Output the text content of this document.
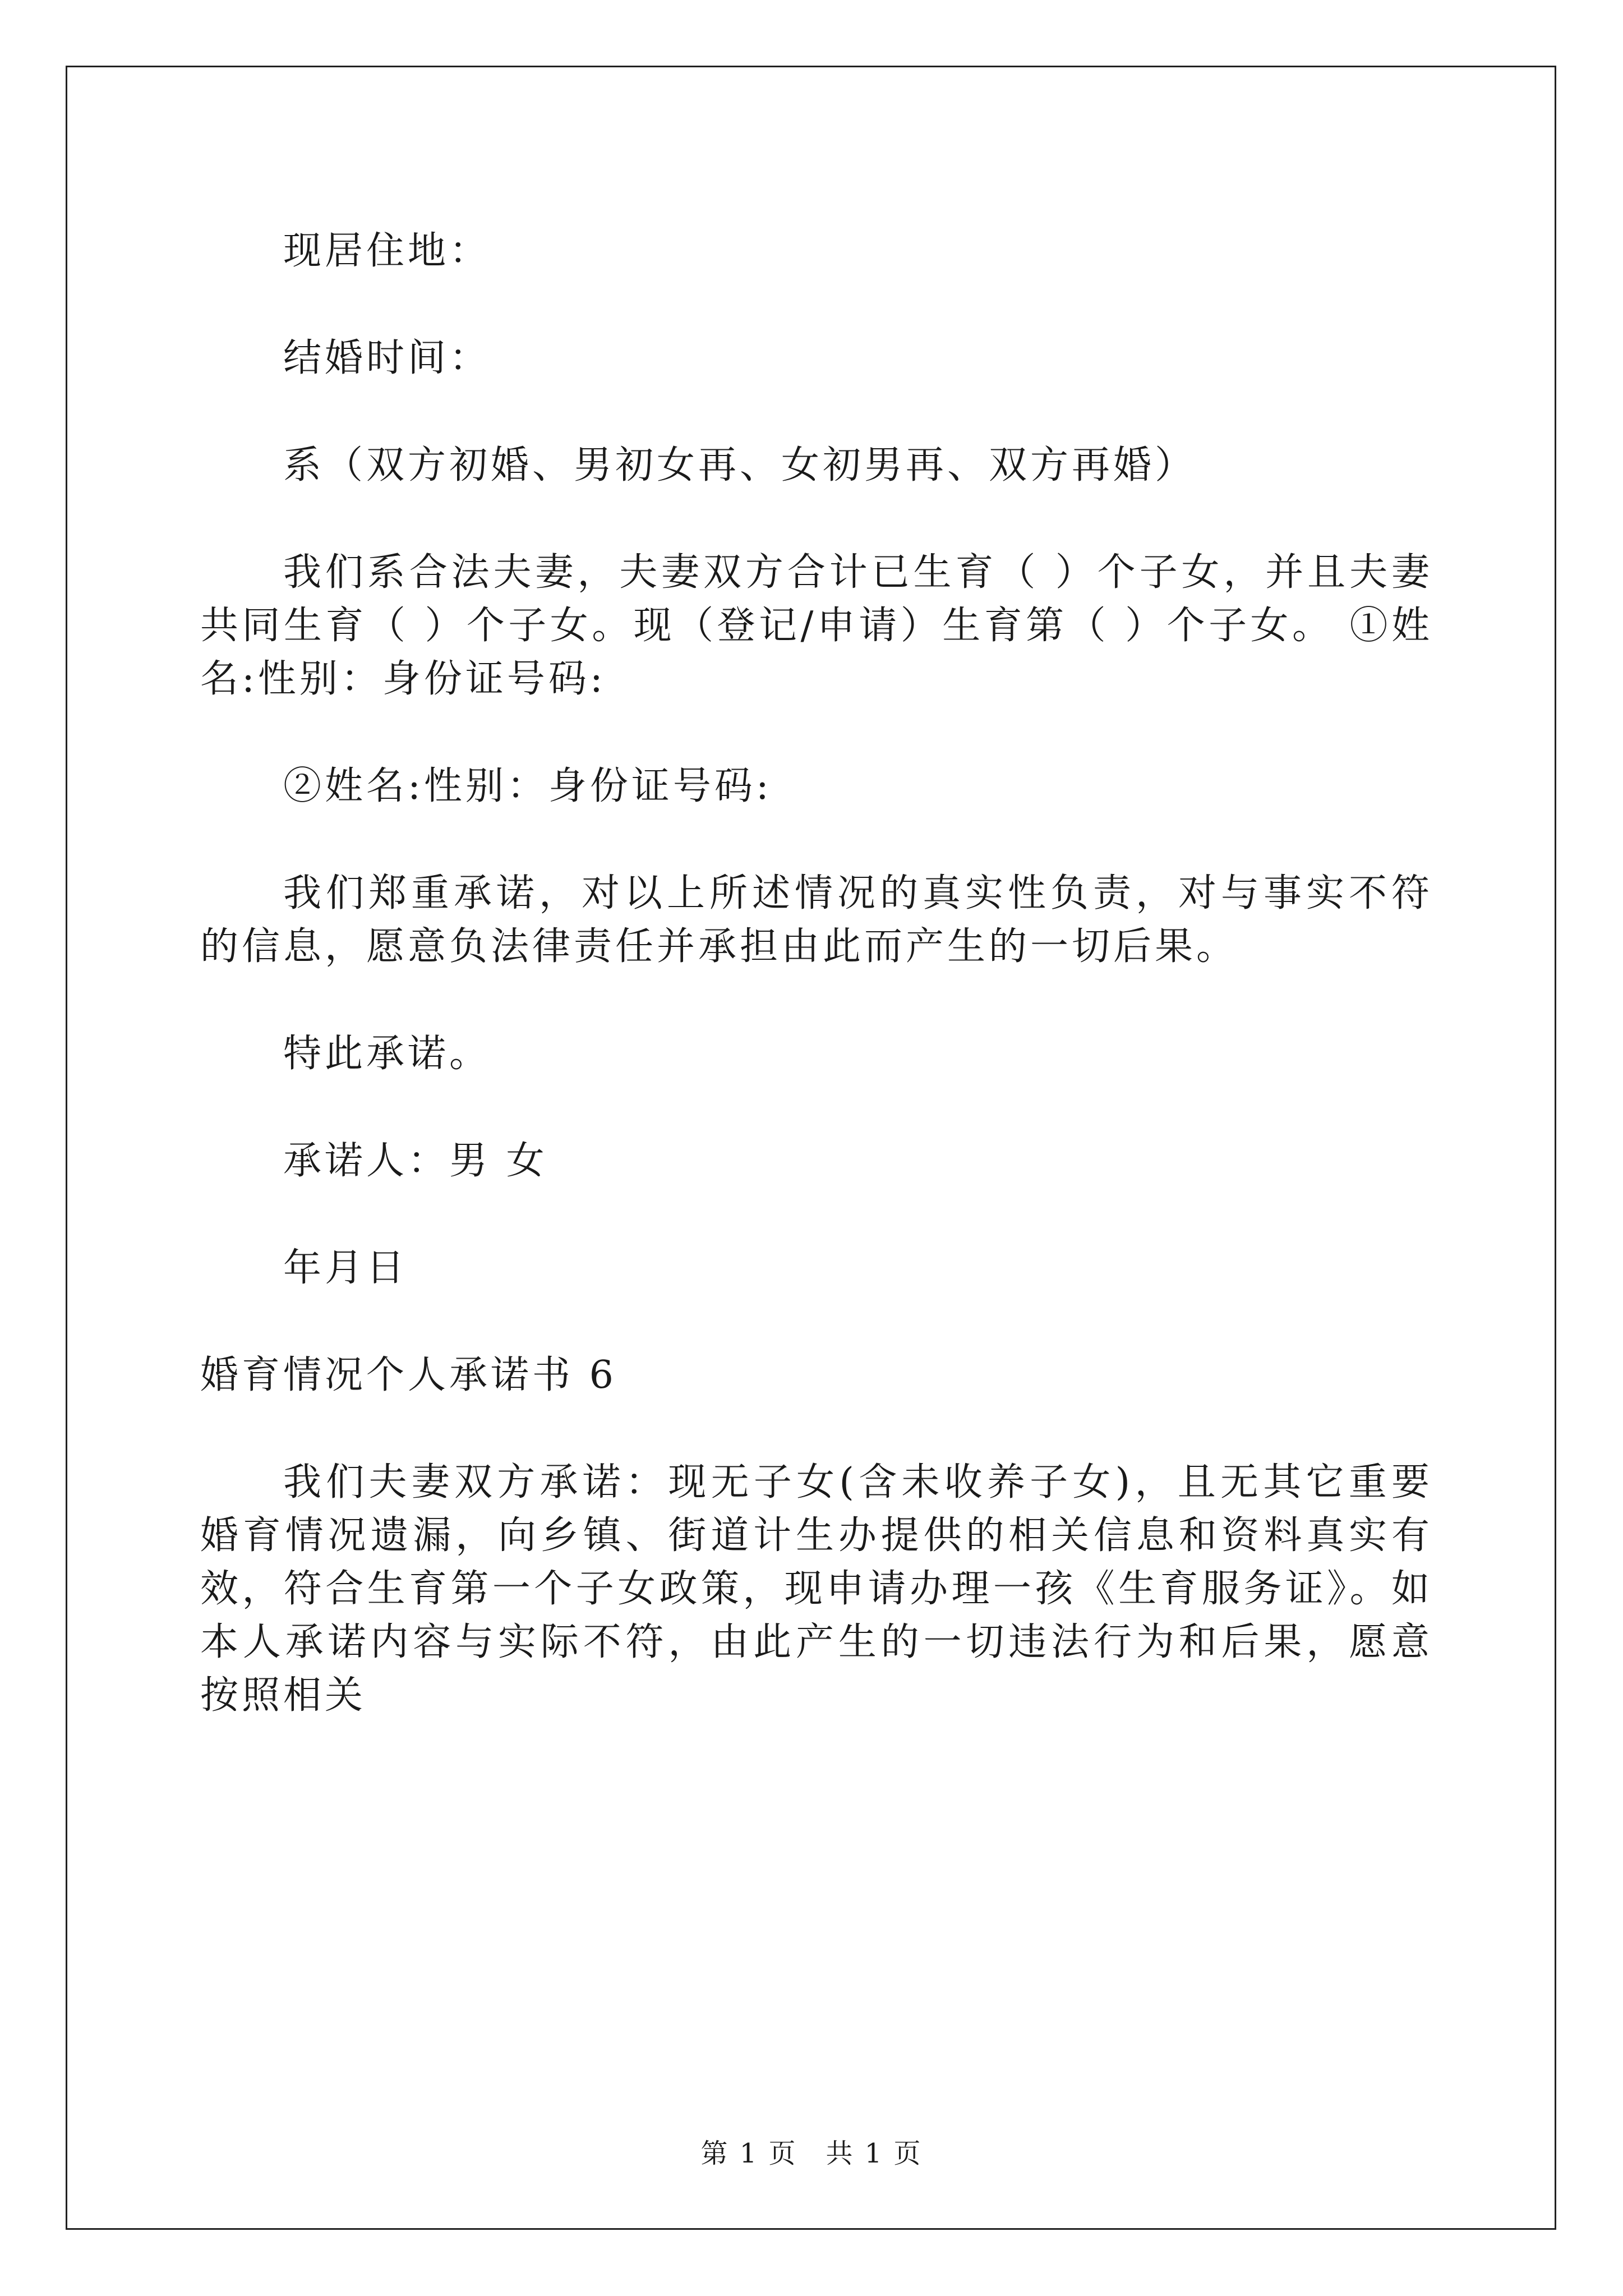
现居住地：

结婚时间：

系（双方初婚、男初女再、女初男再、双方再婚）

我们系合法夫妻，夫妻双方合计已生育（ ）个子女，并且夫妻共同生育（ ）个子女。现（登记/申请）生育第（ ）个子女。 ①姓名:性别：身份证号码:

②姓名:性别：身份证号码:

我们郑重承诺，对以上所述情况的真实性负责，对与事实不符的信息，愿意负法律责任并承担由此而产生的一切后果。

特此承诺。

承诺人：男 女

年月日

婚育情况个人承诺书 6

我们夫妻双方承诺：现无子女(含未收养子女)，且无其它重要婚育情况遗漏，向乡镇、街道计生办提供的相关信息和资料真实有效，符合生育第一个子女政策，现申请办理一孩《生育服务证》。如本人承诺内容与实际不符，由此产生的一切违法行为和后果，愿意按照相关

第 1 页　共 1 页
